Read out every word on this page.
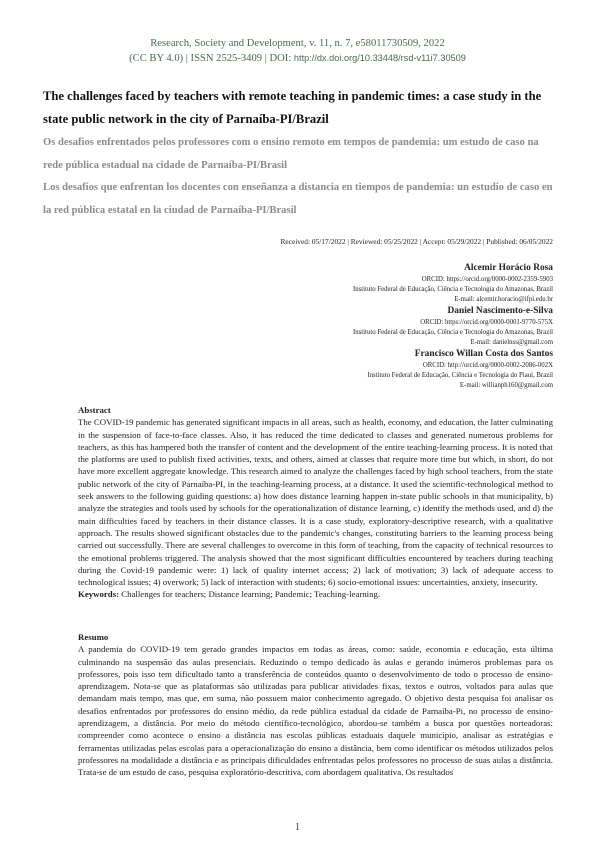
Research, Society and Development, v. 11, n. 7, e58011730509, 2022
(CC BY 4.0) | ISSN 2525-3409 | DOI: http://dx.doi.org/10.33448/rsd-v11i7.30509
The challenges faced by teachers with remote teaching in pandemic times: a case study in the state public network in the city of Parnaíba-PI/Brazil
Os desafios enfrentados pelos professores com o ensino remoto em tempos de pandemia: um estudo de caso na rede pública estadual na cidade de Parnaíba-PI/Brasil
Los desafíos que enfrentan los docentes con enseñanza a distancia en tiempos de pandemia: un estudio de caso en la red pública estatal en la ciudad de Parnaíba-PI/Brasil
Received: 05/17/2022 | Reviewed: 05/25/2022 | Accept: 05/29/2022 | Published: 06/05/2022
Alcemir Horácio Rosa
ORCID: https://orcid.org/0000-0002-2359-5903
Instituto Federal de Educação, Ciência e Tecnologia do Amazonas, Brazil
E-mail: alcemir.horacio@ifpi.edu.br
Daniel Nascimento-e-Silva
ORCID: https://orcid.org/0000-0001-9770-575X
Instituto Federal de Educação, Ciência e Tecnologia do Amazonas, Brazil
E-mail: danielnss@gmail.com
Francisco Willan Costa dos Santos
ORCID: http://orcid.org/0000-0002-2086-002X
Instituto Federal de Educação, Ciência e Tecnologia do Piauí, Brazil
E-mail: willianph160@gmail.com
Abstract

The COVID-19 pandemic has generated significant impacts in all areas, such as health, economy, and education, the latter culminating in the suspension of face-to-face classes. Also, it has reduced the time dedicated to classes and generated numerous problems for teachers, as this has hampered both the transfer of content and the development of the entire teaching-learning process. It is noted that the platforms are used to publish fixed activities, texts, and others, aimed at classes that require more time but which, in short, do not have more excellent aggregate knowledge. This research aimed to analyze the challenges faced by high school teachers, from the state public network of the city of Parnaíba-PI, in the teaching-learning process, at a distance. It used the scientific-technological method to seek answers to the following guiding questions: a) how does distance learning happen in-state public schools in that municipality, b) analyze the strategies and tools used by schools for the operationalization of distance learning, c) identify the methods used, and d) the main difficulties faced by teachers in their distance classes. It is a case study, exploratory-descriptive research, with a qualitative approach. The results showed significant obstacles due to the pandemic's changes, constituting barriers to the learning process being carried out successfully. There are several challenges to overcome in this form of teaching, from the capacity of technical resources to the emotional problems triggered. The analysis showed that the most significant difficulties encountered by teachers during teaching during the Covid-19 pandemic were: 1) lack of quality internet access; 2) lack of motivation; 3) lack of adequate access to technological issues; 4) overwork; 5) lack of interaction with students; 6) socio-emotional issues: uncertainties, anxiety, insecurity.

Keywords: Challenges for teachers; Distance learning; Pandemic; Teaching-learning.

Resumo

A pandemia do COVID-19 tem gerado grandes impactos em todas as áreas, como: saúde, economia e educação, esta última culminando na suspensão das aulas presenciais. Reduzindo o tempo dedicado às aulas e gerando inúmeros problemas para os professores, pois isso tem dificultado tanto a transferência de conteúdos quanto o desenvolvimento de todo o processo de ensino-aprendizagem. Nota-se que as plataformas são utilizadas para publicar atividades fixas, textos e outros, voltados para aulas que demandam mais tempo, mas que, em suma, não possuem maior conhecimento agregado. O objetivo desta pesquisa foi analisar os desafios enfrentados por professores do ensino médio, da rede pública estadual da cidade de Parnaíba-Pi, no processo de ensino-aprendizagem, a distância. Por meio do método científico-tecnológico, abordou-se também a busca por questões norteadoras: compreender como acontece o ensino a distância nas escolas públicas estaduais daquele município, analisar as estratégias e ferramentas utilizadas pelas escolas para a operacionalização do ensino a distância, bem como identificar os métodos utilizados pelos professores na modalidade a distância e as principais dificuldades enfrentadas pelos professores no processo de suas aulas a distância. Trata-se de um estudo de caso, pesquisa exploratório-descritiva, com abordagem qualitativa. Os resultados

1
